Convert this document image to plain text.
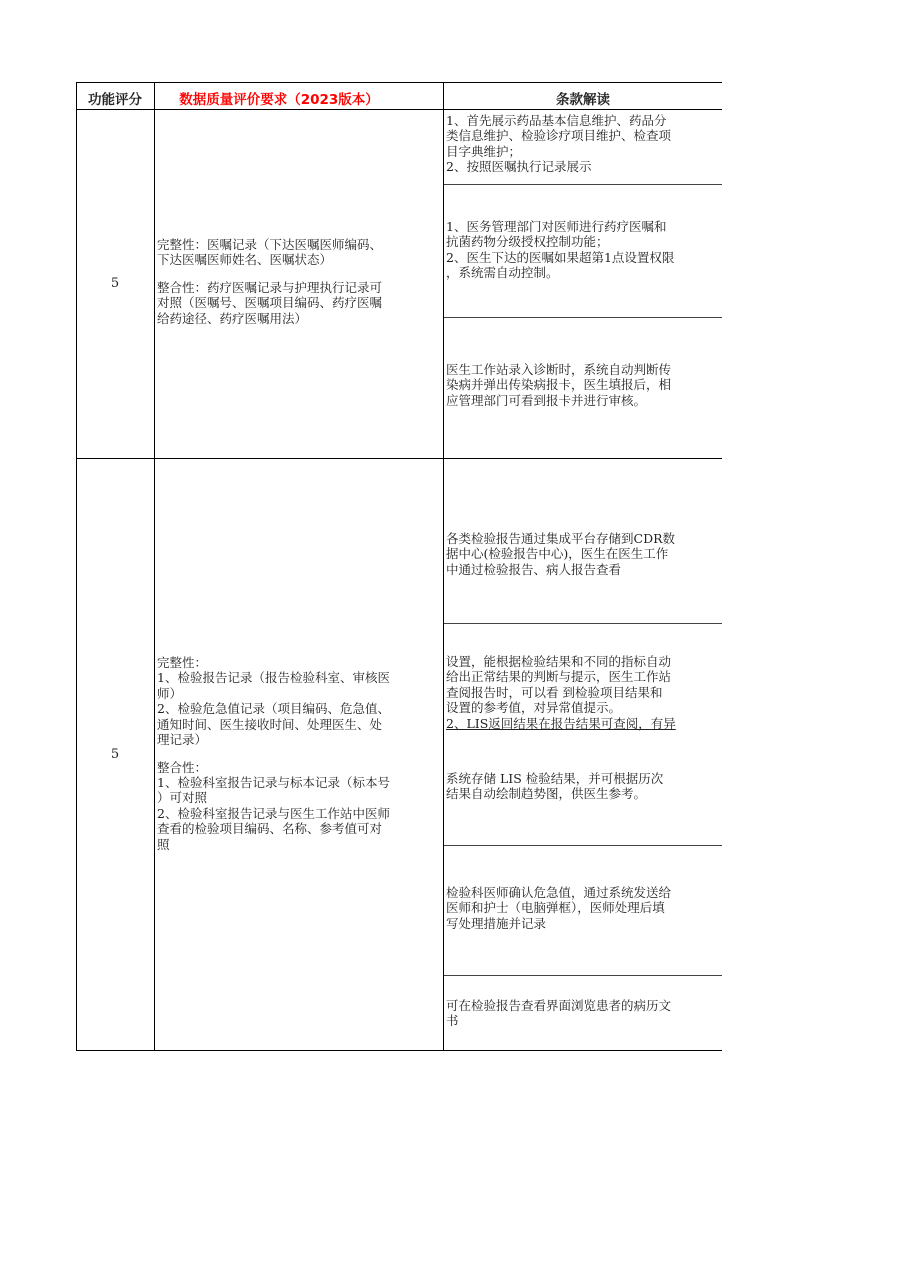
功能评分	数据质量评价要求（2023版本）	条款解读
5
完整性：医嘱记录（下达医嘱医师编码、
下达医嘱医师姓名、医嘱状态）
整合性：药疗医嘱记录与护理执行记录可
对照（医嘱号、医嘱项目编码、药疗医嘱
给药途径、药疗医嘱用法）
1、首先展示药品基本信息维护、药品分
类信息维护、检验诊疗项目维护、检查项
目字典维护；
2、按照医嘱执行记录展示
1、医务管理部门对医师进行药疗医嘱和
抗菌药物分级授权控制功能；
2、医生下达的医嘱如果超第1点设置权限
，系统需自动控制。
医生工作站录入诊断时，系统自动判断传
染病并弹出传染病报卡，医生填报后，相
应管理部门可看到报卡并进行审核。
5
完整性：
1、检验报告记录（报告检验科室、审核医
师）
2、检验危急值记录（项目编码、危急值、
通知时间、医生接收时间、处理医生、处
理记录）
整合性：
1、检验科室报告记录与标本记录（标本号
）可对照
2、检验科室报告记录与医生工作站中医师
查看的检验项目编码、名称、参考值可对
照
各类检验报告通过集成平台存储到CDR数
据中心(检验报告中心)，医生在医生工作
中通过检验报告、病人报告查看
设置，能根据检验结果和不同的指标自动
给出正常结果的判断与提示，医生工作站
查阅报告时，可以看 到检验项目结果和
设置的参考值，对异常值提示。
2、LIS返回结果在报告结果可查阅，有异
系统存储 LIS 检验结果，并可根据历次
结果自动绘制趋势图，供医生参考。
检验科医师确认危急值，通过系统发送给
医师和护士（电脑弹框），医师处理后填
写处理措施并记录
可在检验报告查看界面浏览患者的病历文
书
